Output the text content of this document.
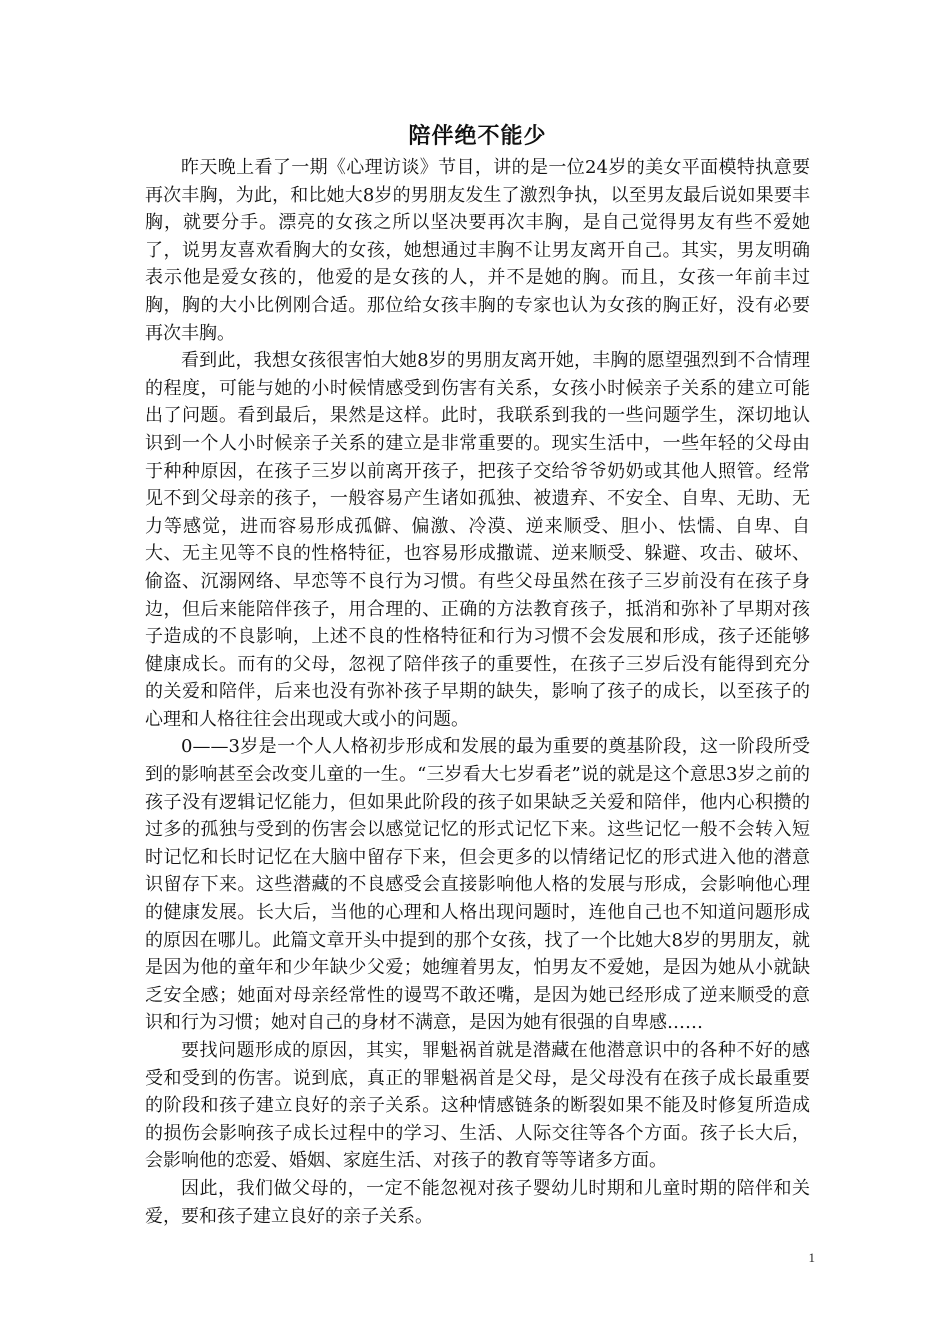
陪伴绝不能少

昨天晚上看了一期《心理访谈》节目，讲的是一位24岁的美女平面模特执意要再次丰胸，为此，和比她大8岁的男朋友发生了激烈争执，以至男友最后说如果要丰胸，就要分手。漂亮的女孩之所以坚决要再次丰胸，是自己觉得男友有些不爱她了，说男友喜欢看胸大的女孩，她想通过丰胸不让男友离开自己。其实，男友明确表示他是爱女孩的，他爱的是女孩的人，并不是她的胸。而且，女孩一年前丰过胸，胸的大小比例刚合适。那位给女孩丰胸的专家也认为女孩的胸正好，没有必要再次丰胸。

看到此，我想女孩很害怕大她8岁的男朋友离开她，丰胸的愿望强烈到不合情理的程度，可能与她的小时候情感受到伤害有关系，女孩小时候亲子关系的建立可能出了问题。看到最后，果然是这样。此时，我联系到我的一些问题学生，深切地认识到一个人小时候亲子关系的建立是非常重要的。现实生活中，一些年轻的父母由于种种原因，在孩子三岁以前离开孩子，把孩子交给爷爷奶奶或其他人照管。经常见不到父母亲的孩子，一般容易产生诸如孤独、被遗弃、不安全、自卑、无助、无力等感觉，进而容易形成孤僻、偏激、冷漠、逆来顺受、胆小、怯懦、自卑、自大、无主见等不良的性格特征，也容易形成撒谎、逆来顺受、躲避、攻击、破坏、偷盗、沉溺网络、早恋等不良行为习惯。有些父母虽然在孩子三岁前没有在孩子身边，但后来能陪伴孩子，用合理的、正确的方法教育孩子，抵消和弥补了早期对孩子造成的不良影响，上述不良的性格特征和行为习惯不会发展和形成，孩子还能够健康成长。而有的父母，忽视了陪伴孩子的重要性，在孩子三岁后没有能得到充分的关爱和陪伴，后来也没有弥补孩子早期的缺失，影响了孩子的成长，以至孩子的心理和人格往往会出现或大或小的问题。

0——3岁是一个人人格初步形成和发展的最为重要的奠基阶段，这一阶段所受到的影响甚至会改变儿童的一生。“三岁看大七岁看老”说的就是这个意思3岁之前的孩子没有逻辑记忆能力，但如果此阶段的孩子如果缺乏关爱和陪伴，他内心积攒的过多的孤独与受到的伤害会以感觉记忆的形式记忆下来。这些记忆一般不会转入短时记忆和长时记忆在大脑中留存下来，但会更多的以情绪记忆的形式进入他的潜意识留存下来。这些潜藏的不良感受会直接影响他人格的发展与形成，会影响他心理的健康发展。长大后，当他的心理和人格出现问题时，连他自己也不知道问题形成的原因在哪儿。此篇文章开头中提到的那个女孩，找了一个比她大8岁的男朋友，就是因为他的童年和少年缺少父爱；她缠着男友，怕男友不爱她，是因为她从小就缺乏安全感；她面对母亲经常性的谩骂不敢还嘴，是因为她已经形成了逆来顺受的意识和行为习惯；她对自己的身材不满意，是因为她有很强的自卑感……

要找问题形成的原因，其实，罪魁祸首就是潜藏在他潜意识中的各种不好的感受和受到的伤害。说到底，真正的罪魁祸首是父母，是父母没有在孩子成长最重要的阶段和孩子建立良好的亲子关系。这种情感链条的断裂如果不能及时修复所造成的损伤会影响孩子成长过程中的学习、生活、人际交往等各个方面。孩子长大后，会影响他的恋爱、婚姻、家庭生活、对孩子的教育等等诸多方面。

因此，我们做父母的，一定不能忽视对孩子婴幼儿时期和儿童时期的陪伴和关爱，要和孩子建立良好的亲子关系。

1
